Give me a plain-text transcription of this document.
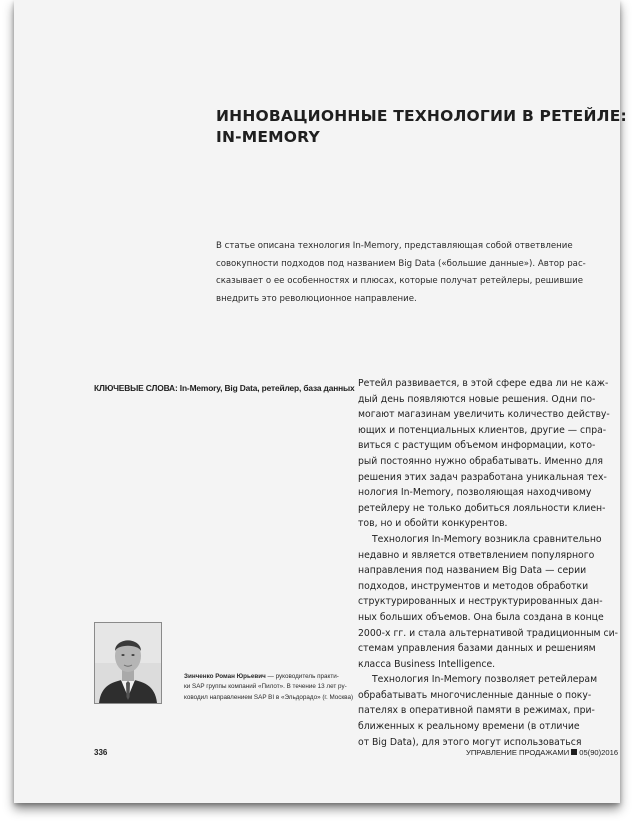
ИННОВАЦИОННЫЕ ТЕХНОЛОГИИ В РЕТЕЙЛЕ:
IN-MEMORY
В статье описана технология In-Memory, представляющая собой ответвление
совокупности подходов под названием Big Data («большие данные»). Автор рас-
сказывает о ее особенностях и плюсах, которые получат ретейлеры, решившие
внедрить это революционное направление.
КЛЮЧЕВЫЕ СЛОВА: In-Memory, Big Data, ретейлер, база данных Ретейл развивается, в этой сфере едва ли не каж-
дый день появляются новые решения. Одни по-
могают магазинам увеличить количество действу-
ющих и потенциальных клиентов, другие — спра-
виться с растущим объемом информации, кото-
рый постоянно нужно обрабатывать. Именно для
решения этих задач разработана уникальная тех-
нология In-Memory, позволяющая находчивому
ретейлеру не только добиться лояльности клиен-
тов, но и обойти конкурентов.
Технология In-Memory возникла сравнительно
недавно и является ответвлением популярного
направления под названием Big Data — серии
подходов, инструментов и методов обработки
структурированных и неструктурированных дан-
ных больших объемов. Она была создана в конце
2000-х гг. и стала альтернативой традиционным си-
стемам управления базами данных и решениям
класса Business Intelligence.
Технология In-Memory позволяет ретейлерам
обрабатывать многочисленные данные о поку-
пателях в оперативной памяти в режимах, при-
ближенных к реальному времени (в отличие
от Big Data), для этого могут использоваться
Зинченко Роман Юрьевич — руководитель практи-
ки SAP группы компаний «Пилот». В течение 13 лет ру-
ководил направлением SAP BI в «Эльдорадо» (г. Москва)
336	УПРАВЛЕНИЕ ПРОДАЖАМИ 05(90)2016
